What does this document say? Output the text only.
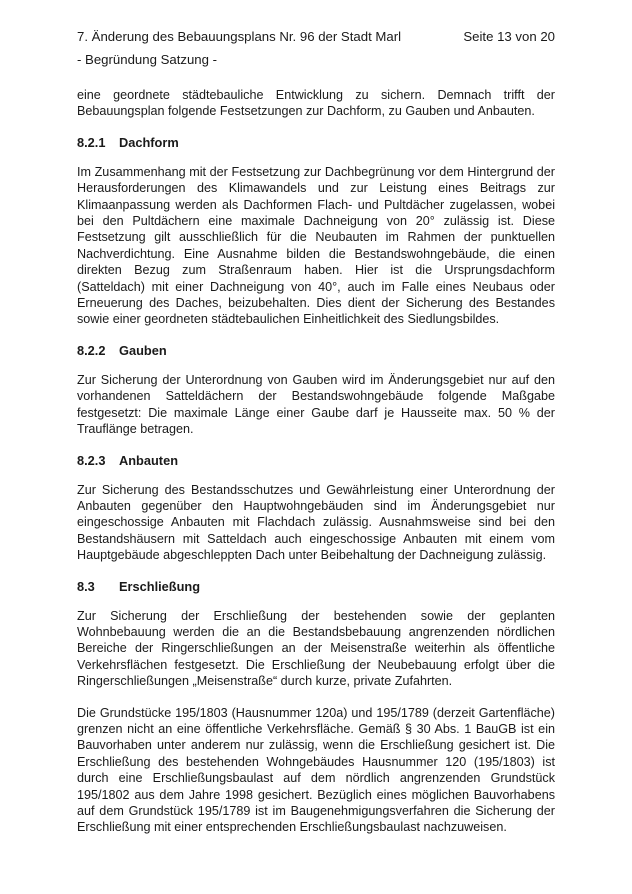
7. Änderung des Bebauungsplans Nr. 96 der Stadt Marl	Seite 13 von 20
- Begründung Satzung -

eine geordnete städtebauliche Entwicklung zu sichern. Demnach trifft der Bebauungsplan folgende Festsetzungen zur Dachform, zu Gauben und Anbauten.

8.2.1 Dachform

Im Zusammenhang mit der Festsetzung zur Dachbegrünung vor dem Hintergrund der Herausforderungen des Klimawandels und zur Leistung eines Beitrags zur Klimaanpassung werden als Dachformen Flach- und Pultdächer zugelassen, wobei bei den Pultdächern eine maximale Dachneigung von 20° zulässig ist. Diese Festsetzung gilt ausschließlich für die Neubauten im Rahmen der punktuellen Nachverdichtung. Eine Ausnahme bilden die Bestandswohngebäude, die einen direkten Bezug zum Straßenraum haben. Hier ist die Ursprungsdachform (Satteldach) mit einer Dachneigung von 40°, auch im Falle eines Neubaus oder Erneuerung des Daches, beizubehalten. Dies dient der Sicherung des Bestandes sowie einer geordneten städtebaulichen Einheitlichkeit des Siedlungsbildes.

8.2.2 Gauben

Zur Sicherung der Unterordnung von Gauben wird im Änderungsgebiet nur auf den vorhandenen Satteldächern der Bestandswohngebäude folgende Maßgabe festgesetzt: Die maximale Länge einer Gaube darf je Hausseite max. 50 % der Trauflänge betragen.

8.2.3 Anbauten

Zur Sicherung des Bestandsschutzes und Gewährleistung einer Unterordnung der Anbauten gegenüber den Hauptwohngebäuden sind im Änderungsgebiet nur eingeschossige Anbauten mit Flachdach zulässig. Ausnahmsweise sind bei den Bestandshäusern mit Satteldach auch eingeschossige Anbauten mit einem vom Hauptgebäude abgeschleppten Dach unter Beibehaltung der Dachneigung zulässig.

8.3 Erschließung

Zur Sicherung der Erschließung der bestehenden sowie der geplanten Wohnbebauung werden die an die Bestandsbebauung angrenzenden nördlichen Bereiche der Ringerschließungen an der Meisenstraße weiterhin als öffentliche Verkehrsflächen festgesetzt. Die Erschließung der Neubebauung erfolgt über die Ringerschließungen „Meisenstraße“ durch kurze, private Zufahrten.

Die Grundstücke 195/1803 (Hausnummer 120a) und 195/1789 (derzeit Gartenfläche) grenzen nicht an eine öffentliche Verkehrsfläche. Gemäß § 30 Abs. 1 BauGB ist ein Bauvorhaben unter anderem nur zulässig, wenn die Erschließung gesichert ist. Die Erschließung des bestehenden Wohngebäudes Hausnummer 120 (195/1803) ist durch eine Erschließungsbaulast auf dem nördlich angrenzenden Grundstück 195/1802 aus dem Jahre 1998 gesichert. Bezüglich eines möglichen Bauvorhabens auf dem Grundstück 195/1789 ist im Baugenehmigungsverfahren die Sicherung der Erschließung mit einer entsprechenden Erschließungsbaulast nachzuweisen.
